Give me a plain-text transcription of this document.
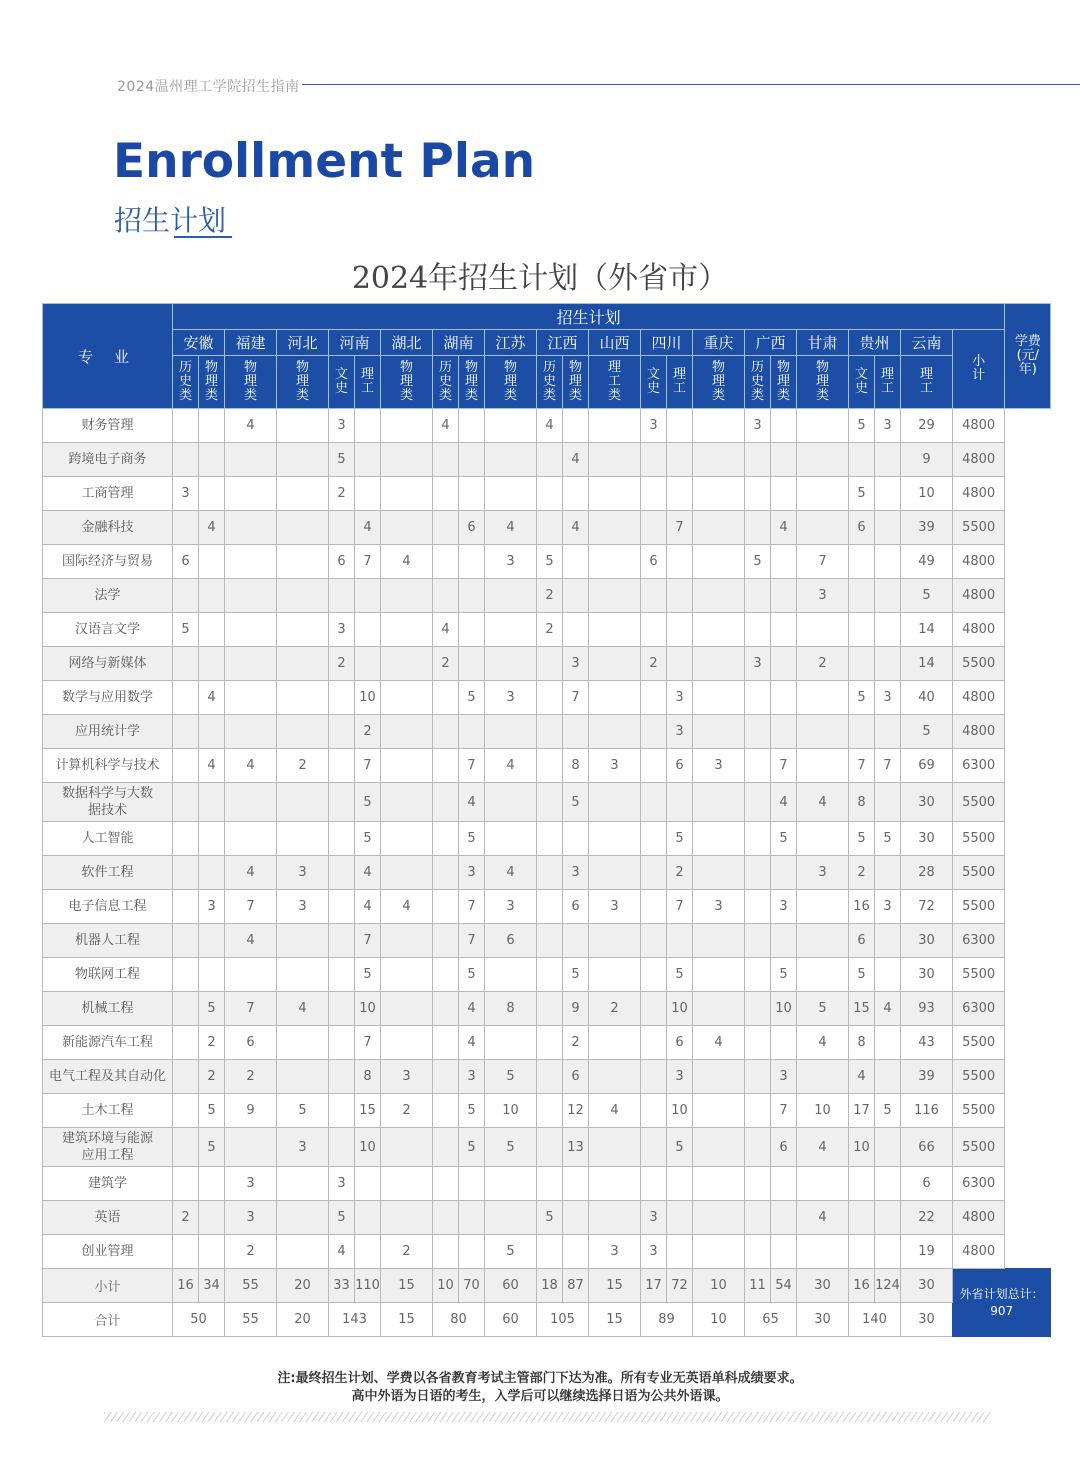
2024温州理工学院招生指南
Enrollment Plan
招生计划
2024年招生计划（外省市）
专 业	招生计划																							学费(元/年)
	安徽		福建	河北	河南		湖北	湖南		江苏	江西		山西	四川		重庆	广西		甘肃	贵州		云南	小计	
	历史类	物理类	物理类	物理类	文史	理工	物理类	历史类	物理类	物理类	历史类	物理类	理工类	文史	理工	物理类	历史类	物理类	物理类	文史	理工	理工		
财务管理			4		3			4			4			3			3			5	3	29	4800	
跨境电子商务					5							4										9	4800	
工商管理	3				2															5		10	4800	
金融科技		4				4			6	4		4			7			4		6		39	5500	
国际经济与贸易	6				6	7	4			3	5			6			5		7			49	4800	
法学											2								3			5	4800	
汉语言文学	5				3			4			2											14	4800	
网络与新媒体					2			2				3		2			3		2			14	5500	
数学与应用数学		4				10			5	3		7			3					5	3	40	4800	
应用统计学						2									3							5	4800	
计算机科学与技术		4	4	2		7			7	4		8	3		6	3		7		7	7	69	6300	
数据科学与大数据技术						5			4			5						4	4	8		30	5500	
人工智能						5			5						5			5		5	5	30	5500	
软件工程			4	3		4			3	4		3			2				3	2		28	5500	
电子信息工程		3	7	3		4	4		7	3		6	3		7	3		3		16	3	72	5500	
机器人工程			4			7			7	6										6		30	6300	
物联网工程						5			5			5			5			5		5		30	5500	
机械工程		5	7	4		10			4	8		9	2		10			10	5	15	4	93	6300	
新能源汽车工程		2	6			7			4			2			6	4			4	8		43	5500	
电气工程及其自动化		2	2			8	3		3	5		6			3			3		4		39	5500	
土木工程		5	9	5		15	2		5	10		12	4		10			7	10	17	5	116	5500	
建筑环境与能源应用工程		5		3		10			5	5		13			5			6	4	10		66	5500	
建筑学			3		3																	6	6300	
英语	2		3		5						5			3					4			22	4800	
创业管理			2		4		2			5			3	3								19	4800	
小计	16	34	55	20	33	110	15	10	70	60	18	87	15	17	72	10	11	54	30	16	124	30	外省计划总计：907	
合计	50		55	20	143		15	80		60	105		15	89		10	65		30	140		30		
注:最终招生计划、学费以各省教育考试主管部门下达为准。所有专业无英语单科成绩要求。
高中外语为日语的考生，入学后可以继续选择日语为公共外语课。
